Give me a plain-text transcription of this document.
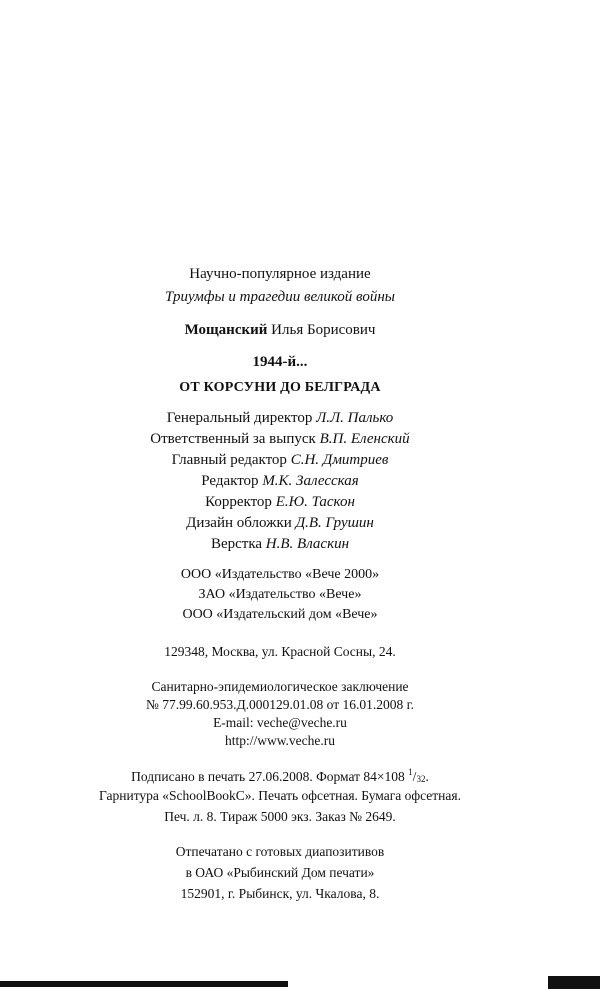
Научно-популярное издание
Триумфы и трагедии великой войны
Мощанский Илья Борисович
1944-й...
ОТ КОРСУНИ ДО БЕЛГРАДА
Генеральный директор Л.Л. Палько
Ответственный за выпуск В.П. Еленский
Главный редактор С.Н. Дмитриев
Редактор М.К. Залесская
Корректор Е.Ю. Таскон
Дизайн обложки Д.В. Грушин
Верстка Н.В. Власкин
ООО «Издательство «Вече 2000»
ЗАО «Издательство «Вече»
ООО «Издательский дом «Вече»
129348, Москва, ул. Красной Сосны, 24.
Санитарно-эпидемиологическое заключение
№ 77.99.60.953.Д.000129.01.08 от 16.01.2008 г.
E-mail: veche@veche.ru
http://www.veche.ru
Подписано в печать 27.06.2008. Формат 84×108 $^1/_{32}$.
Гарнитура «SchoolBookC». Печать офсетная. Бумага офсетная.
Печ. л. 8. Тираж 5000 экз. Заказ № 2649.
Отпечатано с готовых диапозитивов
в ОАО «Рыбинский Дом печати»
152901, г. Рыбинск, ул. Чкалова, 8.
